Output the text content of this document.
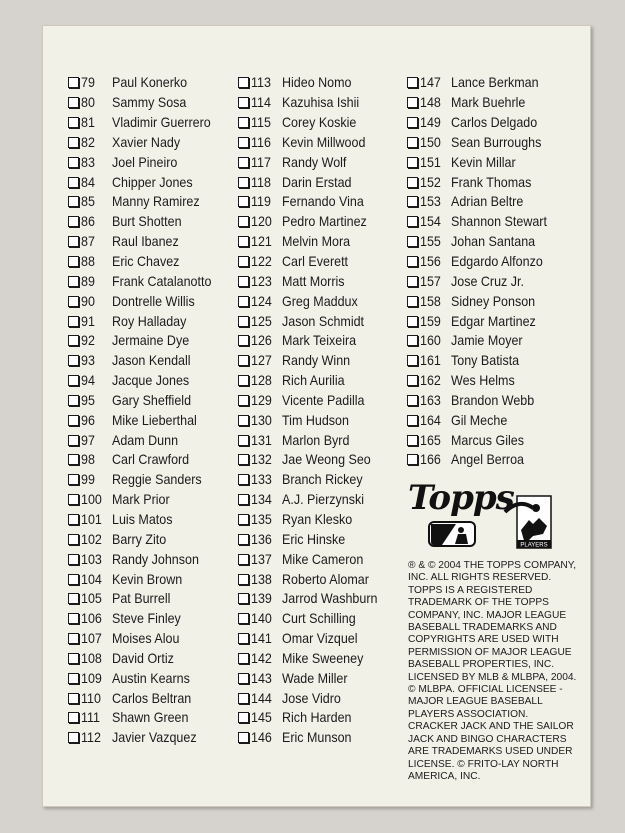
79	Paul Konerko
80	Sammy Sosa
81	Vladimir Guerrero
82	Xavier Nady
83	Joel Pineiro
84	Chipper Jones
85	Manny Ramirez
86	Burt Shotten
87	Raul Ibanez
88	Eric Chavez
89	Frank Catalanotto
90	Dontrelle Willis
91	Roy Halladay
92	Jermaine Dye
93	Jason Kendall
94	Jacque Jones
95	Gary Sheffield
96	Mike Lieberthal
97	Adam Dunn
98	Carl Crawford
99	Reggie Sanders
100 Mark Prior
101 Luis Matos
102 Barry Zito
103 Randy Johnson
104 Kevin Brown
105 Pat Burrell
106 Steve Finley
107 Moises Alou
108 David Ortiz
109 Austin Kearns
110 Carlos Beltran
111 Shawn Green
112 Javier Vazquez
113 Hideo Nomo
114 Kazuhisa Ishii
115 Corey Koskie
116 Kevin Millwood
117 Randy Wolf
118 Darin Erstad
119 Fernando Vina
120 Pedro Martinez
121 Melvin Mora
122 Carl Everett
123 Matt Morris
124 Greg Maddux
125 Jason Schmidt
126 Mark Teixeira
127 Randy Winn
128 Rich Aurilia
129 Vicente Padilla
130 Tim Hudson
131 Marlon Byrd
132 Jae Weong Seo
133 Branch Rickey
134 A.J. Pierzynski
135 Ryan Klesko
136 Eric Hinske
137 Mike Cameron
138 Roberto Alomar
139 Jarrod Washburn
140 Curt Schilling
141 Omar Vizquel
142 Mike Sweeney
143 Wade Miller
144 Jose Vidro
145 Rich Harden
146 Eric Munson
147 Lance Berkman
148 Mark Buehrle
149 Carlos Delgado
150 Sean Burroughs
151 Kevin Millar
152 Frank Thomas
153 Adrian Beltre
154 Shannon Stewart
155 Johan Santana
156 Edgardo Alfonzo
157 Jose Cruz Jr.
158 Sidney Ponson
159 Edgar Martinez
160 Jamie Moyer
161 Tony Batista
162 Wes Helms
163 Brandon Webb
164 Gil Meche
165 Marcus Giles
166 Angel Berroa
Topps
PLAYERS
® & © 2004 THE TOPPS COMPANY, INC. ALL RIGHTS RESERVED. TOPPS IS A REGISTERED TRADEMARK OF THE TOPPS COMPANY, INC. MAJOR LEAGUE BASEBALL TRADEMARKS AND COPYRIGHTS ARE USED WITH PERMISSION OF MAJOR LEAGUE BASEBALL PROPERTIES, INC. LICENSED BY MLB & MLBPA, 2004. © MLBPA. OFFICIAL LICENSEE - MAJOR LEAGUE BASEBALL PLAYERS ASSOCIATION. CRACKER JACK AND THE SAILOR JACK AND BINGO CHARACTERS ARE TRADEMARKS USED UNDER LICENSE. © FRITO-LAY NORTH AMERICA, INC.
